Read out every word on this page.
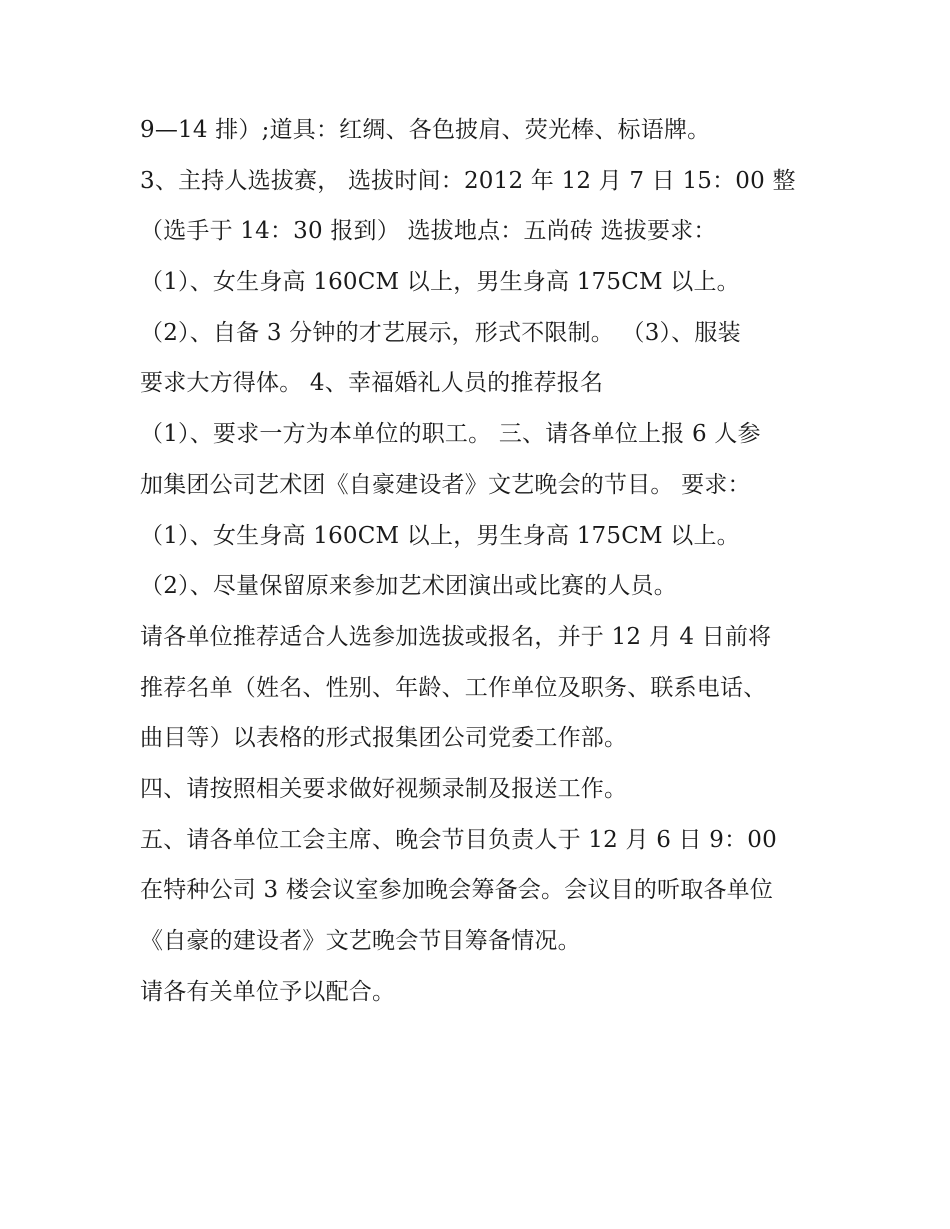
9—14 排）;道具：红绸、各色披肩、荧光棒、标语牌。
3、主持人选拔赛， 选拔时间：2012 年 12 月 7 日 15：00 整
（选手于 14：30 报到） 选拔地点：五尚砖 选拔要求：
（1）、女生身高 160CM 以上，男生身高 175CM 以上。
（2）、自备 3 分钟的才艺展示，形式不限制。 （3）、服装
要求大方得体。 4、幸福婚礼人员的推荐报名
（1）、要求一方为本单位的职工。 三、请各单位上报 6 人参
加集团公司艺术团《自豪建设者》文艺晚会的节目。 要求：
（1）、女生身高 160CM 以上，男生身高 175CM 以上。
（2）、尽量保留原来参加艺术团演出或比赛的人员。
请各单位推荐适合人选参加选拔或报名，并于 12 月 4 日前将
推荐名单（姓名、性别、年龄、工作单位及职务、联系电话、
曲目等）以表格的形式报集团公司党委工作部。
四、请按照相关要求做好视频录制及报送工作。
五、请各单位工会主席、晚会节目负责人于 12 月 6 日 9：00
在特种公司 3 楼会议室参加晚会筹备会。会议目的听取各单位
《自豪的建设者》文艺晚会节目筹备情况。
请各有关单位予以配合。
